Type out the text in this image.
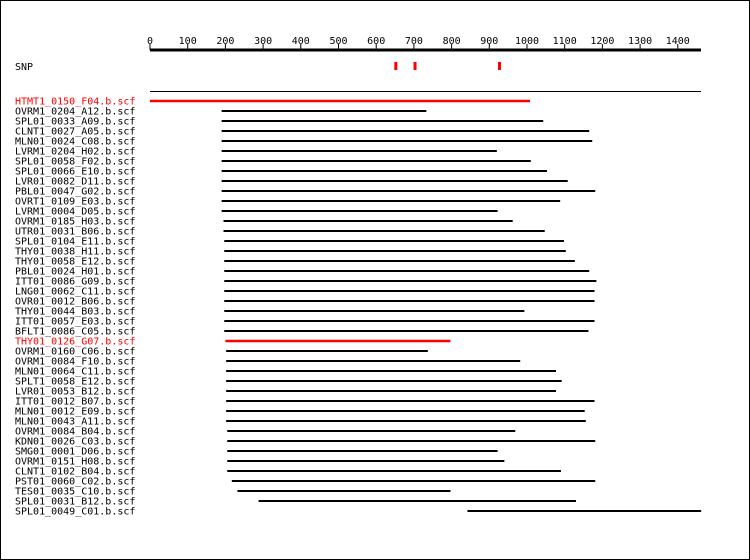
0	100 200 300 400 500 600 700 800 900 1000 1100 1200 1300 1400
SNP
HTMT1_0150_F04.b.scf
OVRM1_0204_A12.b.scf
SPL01_0033_A09.b.scf
CLNT1_0027_A05.b.scf
MLN01_0024_C08.b.scf
LVRM1_0204_H02.b.scf
SPL01_0058_F02.b.scf
SPL01_0066_E10.b.scf
LVR01_0082_D11.b.scf
PBL01_0047_G02.b.scf
OVRT1_0109_E03.b.scf
LVRM1_0004_D05.b.scf
OVRM1_0185_H03.b.scf
UTR01_0031_B06.b.scf
SPL01_0104_E11.b.scf
THY01_0038_H11.b.scf
THY01_0058_E12.b.scf
PBL01_0024_H01.b.scf
ITT01_0086_G09.b.scf
LNG01_0062_C11.b.scf
OVR01_0012_B06.b.scf
THY01_0044_B03.b.scf
ITT01_0057_E03.b.scf
BFLT1_0086_C05.b.scf
THY01_0126_G07.b.scf
OVRM1_0160_C06.b.scf
OVRM1_0084_F10.b.scf
MLN01_0064_C11.b.scf
SPLT1_0058_E12.b.scf
LVR01_0053_B12.b.scf
ITT01_0012_B07.b.scf
MLN01_0012_E09.b.scf
MLN01_0043_A11.b.scf
OVRM1_0084_B04.b.scf
KDN01_0026_C03.b.scf
SMG01_0001_D06.b.scf
OVRM1_0151_H08.b.scf
CLNT1_0102_B04.b.scf
PST01_0060_C02.b.scf
TES01_0035_C10.b.scf
SPL01_0031_B12.b.scf
SPL01_0049_C01.b.scf
